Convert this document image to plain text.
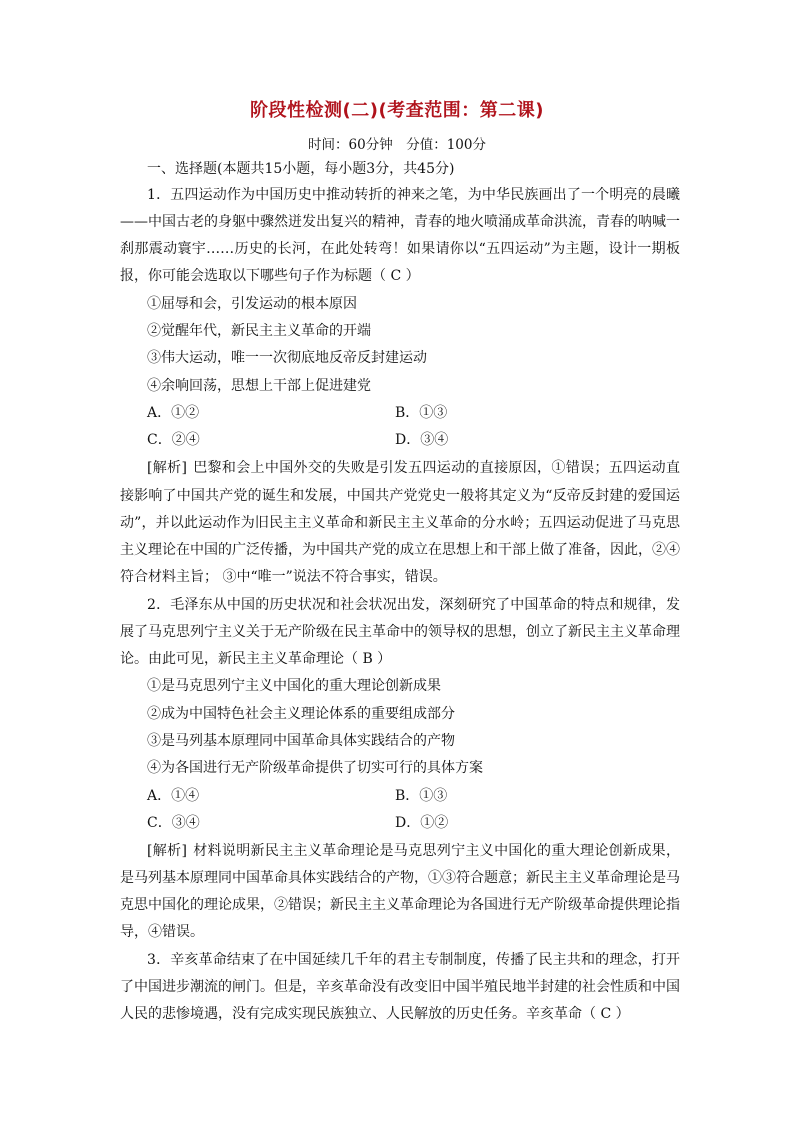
阶段性检测(二)(考查范围：第二课)
时间：60分钟　分值：100分
一、选择题(本题共15小题，每小题3分，共45分)
1．五四运动作为中国历史中推动转折的神来之笔，为中华民族画出了一个明亮的晨曦
——中国古老的身躯中骤然迸发出复兴的精神，青春的地火喷涌成革命洪流，青春的呐喊一
刹那震动寰宇……历史的长河，在此处转弯！如果请你以“五四运动”为主题，设计一期板
报，你可能会选取以下哪些句子作为标题（ C ）
①屈辱和会，引发运动的根本原因
②觉醒年代，新民主主义革命的开端
③伟大运动，唯一一次彻底地反帝反封建运动
④余响回荡，思想上干部上促进建党
A．①②	B．①③
C．②④	D．③④
[解析] 巴黎和会上中国外交的失败是引发五四运动的直接原因，①错误；五四运动直
接影响了中国共产党的诞生和发展，中国共产党党史一般将其定义为“反帝反封建的爱国运
动”，并以此运动作为旧民主主义革命和新民主主义革命的分水岭；五四运动促进了马克思
主义理论在中国的广泛传播，为中国共产党的成立在思想上和干部上做了准备，因此，②④
符合材料主旨； ③中“唯一”说法不符合事实，错误。
2．毛泽东从中国的历史状况和社会状况出发，深刻研究了中国革命的特点和规律，发
展了马克思列宁主义关于无产阶级在民主革命中的领导权的思想，创立了新民主主义革命理
论。由此可见，新民主主义革命理论（ B ）
①是马克思列宁主义中国化的重大理论创新成果
②成为中国特色社会主义理论体系的重要组成部分
③是马列基本原理同中国革命具体实践结合的产物
④为各国进行无产阶级革命提供了切实可行的具体方案
A．①④	B．①③
C．③④	D．①②
[解析] 材料说明新民主主义革命理论是马克思列宁主义中国化的重大理论创新成果，
是马列基本原理同中国革命具体实践结合的产物，①③符合题意；新民主主义革命理论是马
克思中国化的理论成果，②错误；新民主主义革命理论为各国进行无产阶级革命提供理论指
导，④错误。
3．辛亥革命结束了在中国延续几千年的君主专制制度，传播了民主共和的理念，打开
了中国进步潮流的闸门。但是，辛亥革命没有改变旧中国半殖民地半封建的社会性质和中国
人民的悲惨境遇，没有完成实现民族独立、人民解放的历史任务。辛亥革命（ C ）
